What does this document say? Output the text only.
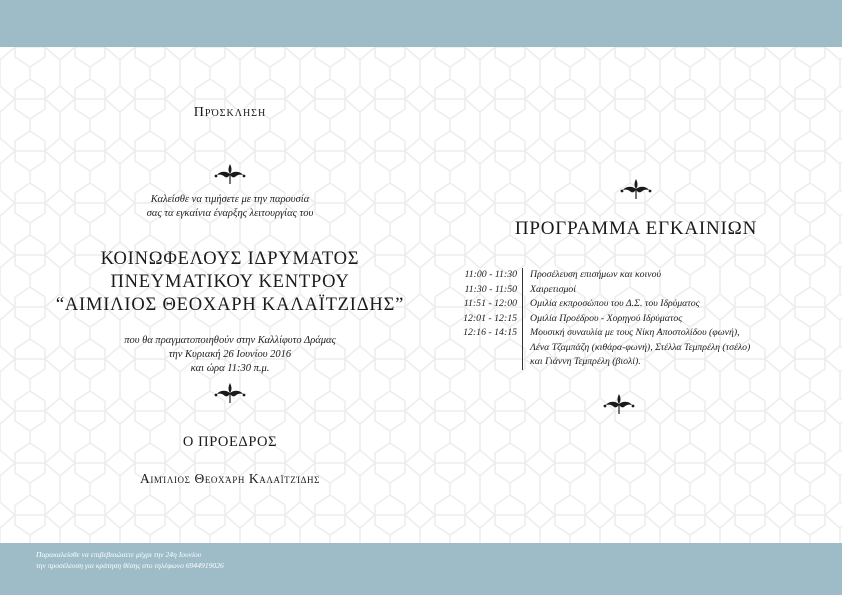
Παρακαλείσθε να επιβεβαιώσετε μέχρι την 24η Ιουνίου
την προσέλευση για κράτηση θέσης στο τηλέφωνο 6944919026
Πρόσκληση
Καλείσθε να τιμήσετε με την παρουσία
σας τα εγκαίνια έναρξης λειτουργίας του
ΚΟΙΝΩΦΕΛΟΥΣ ΙΔΡΥΜΑΤΟΣ
ΠΝΕΥΜΑΤΙΚΟΥ ΚΕΝΤΡΟΥ
“ΑΙΜΙΛΙΟΣ ΘΕΟΧΑΡΗ ΚΑΛΑΪΤΖΙΔΗΣ”
που θα πραγματοποιηθούν στην Καλλίφυτο Δράμας
την Κυριακή 26 Ιουνίου 2016
και ώρα 11:30 π.μ.
Ο ΠΡΟΕΔΡΟΣ
Αιμίλιος Θεοχάρη Καλαϊτζίδης
ΠΡΟΓΡΑΜΜΑ ΕΓΚΑΙΝΙΩΝ
11:00 - 11:30	Προσέλευση επισήμων και κοινού
11:30 - 11:50	Χαιρετισμοί
11:51 - 12:00	Ομιλία εκπροσώπου του Δ.Σ. του Ιδρύματος
12:01 - 12:15	Ομιλία Προέδρου - Χορηγού Ιδρύματος
12:16 - 14:15	Μουσική συναυλία με τους Νίκη Αποστολίδου (φωνή),
Λένα Τζαμπάζη (κιθάρα-φωνή), Στέλλα Τεμπρέλη (τσέλο)
και Γιάννη Τεμπρέλη (βιολί).
